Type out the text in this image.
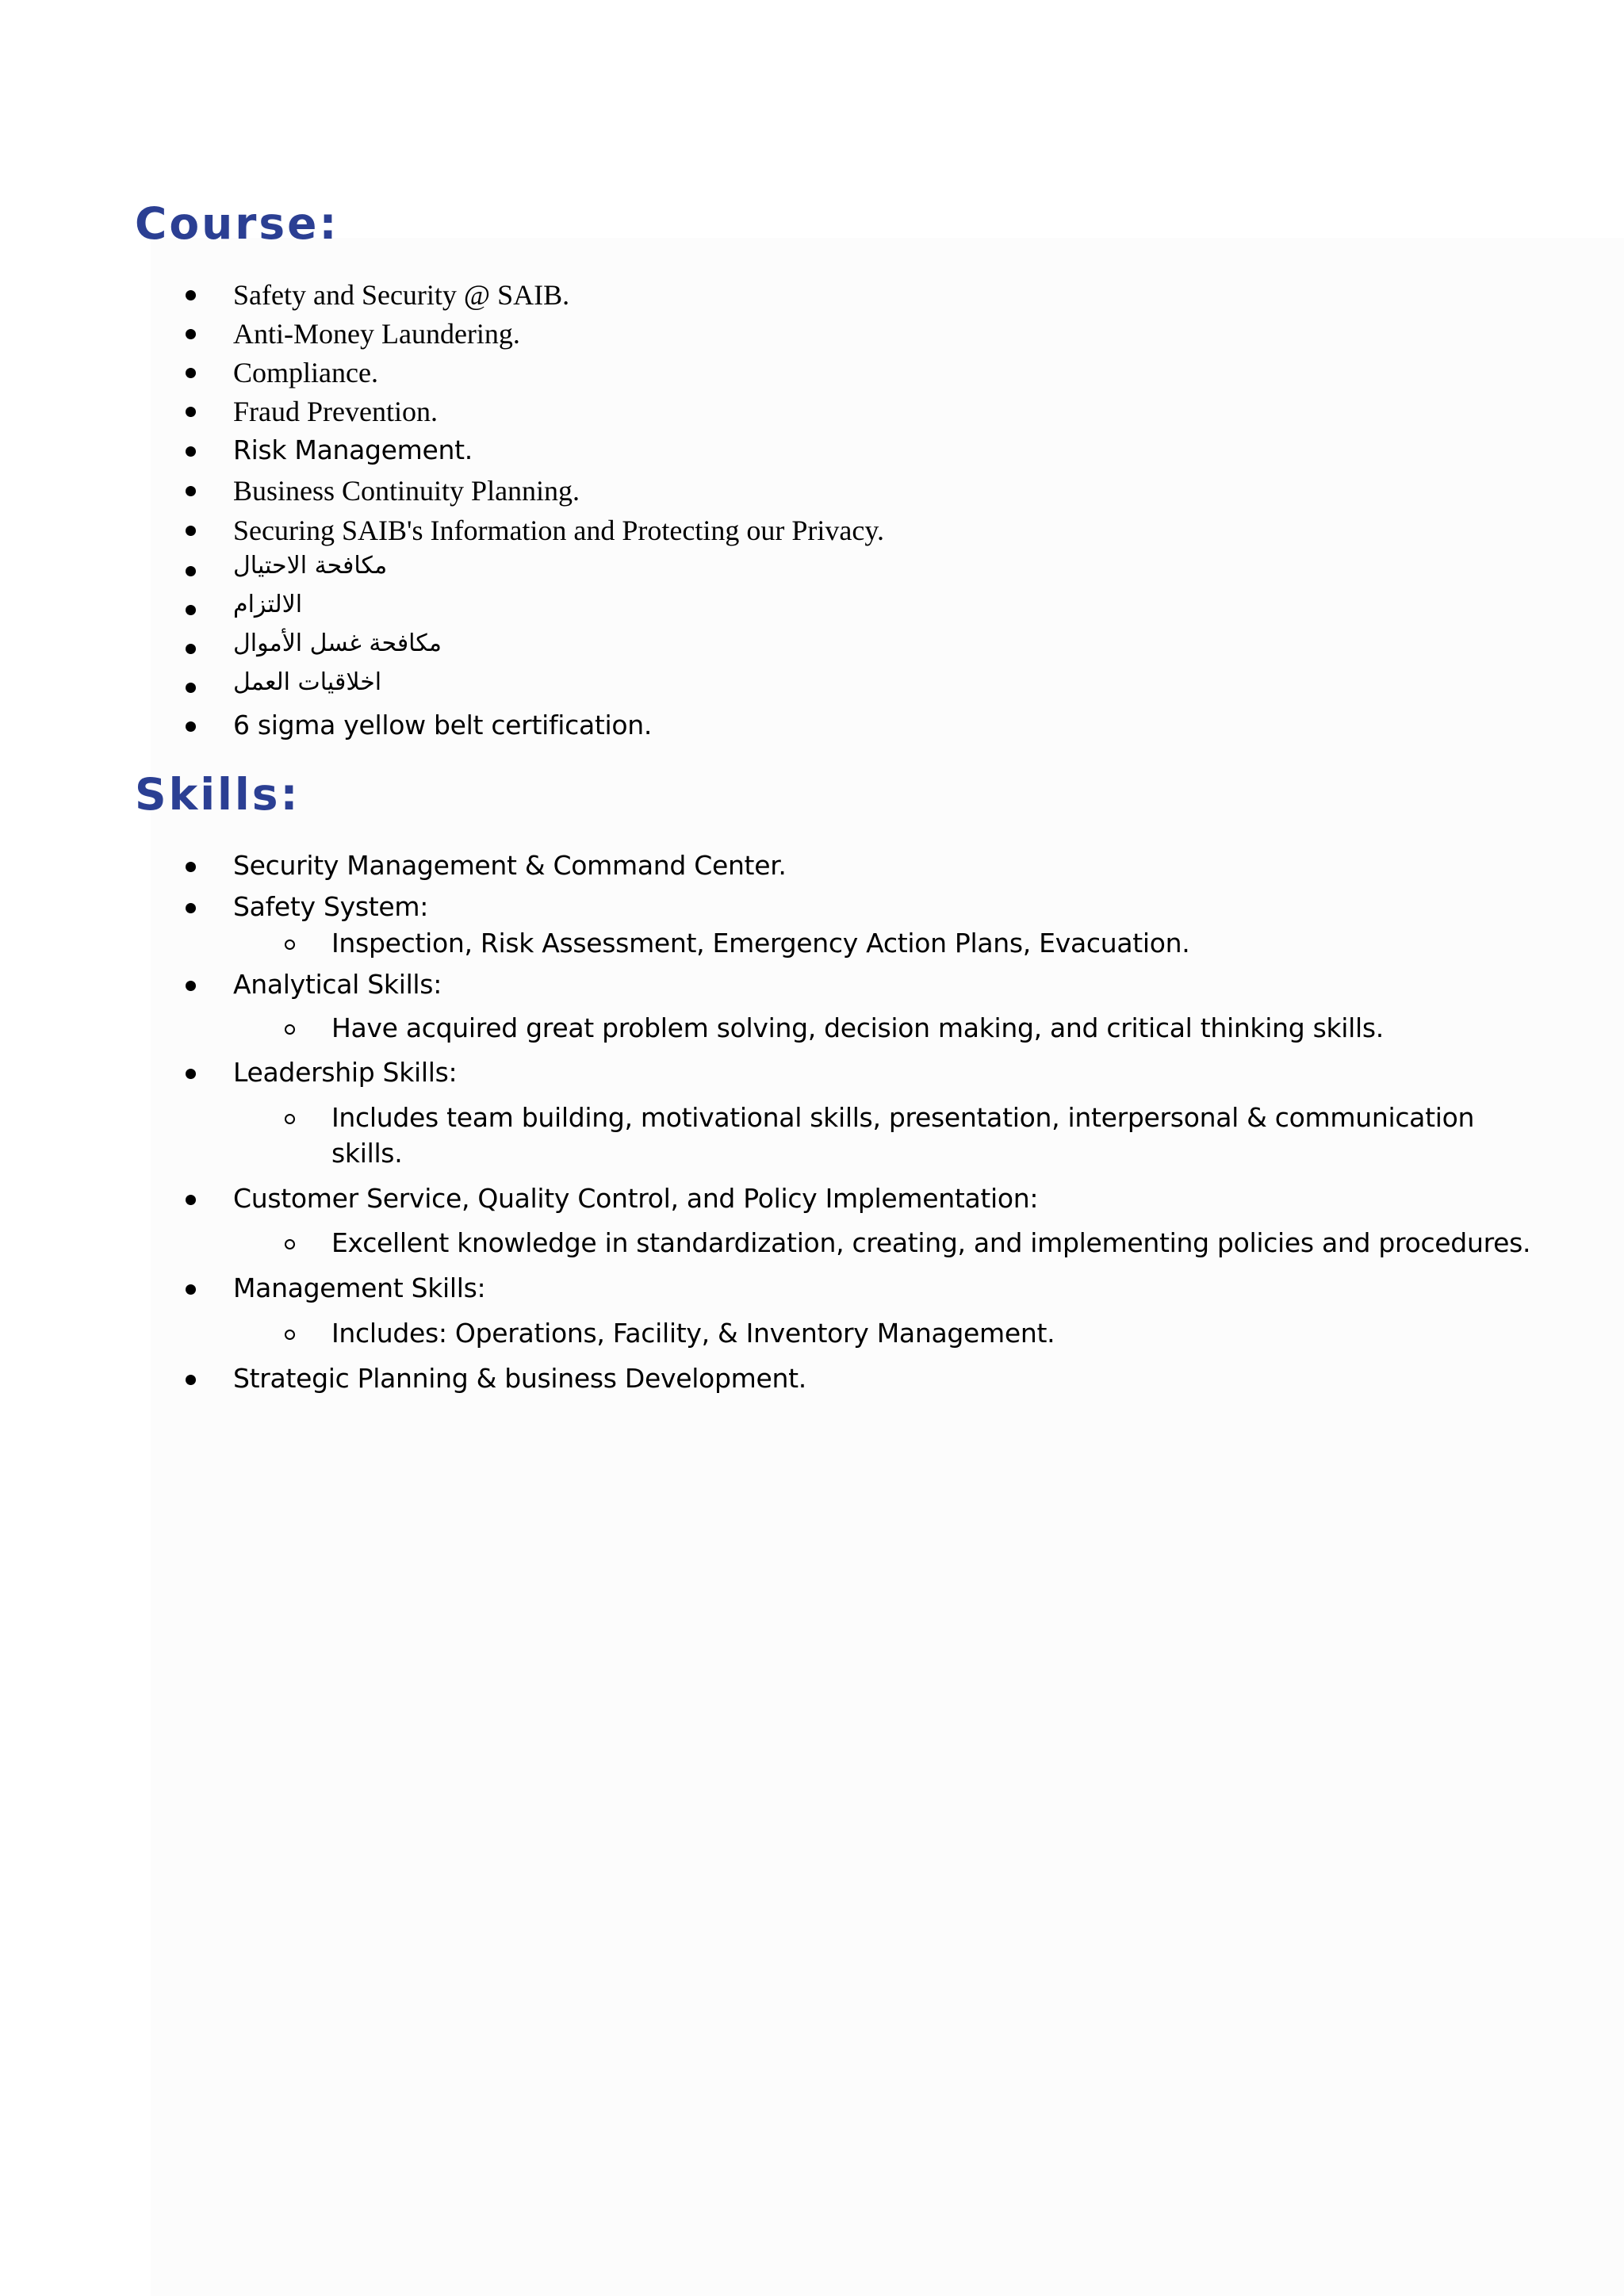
Course:
Safety and Security @ SAIB.
Anti-Money Laundering.
Compliance.
Fraud Prevention.
Risk Management.
Business Continuity Planning.
Securing SAIB's Information and Protecting our Privacy.
مكافحة الاحتيال
الالتزام
مكافحة غسل الأموال
اخلاقيات العمل
6 sigma yellow belt certification.
Skills:
Security Management & Command Center.
Safety System:
Inspection, Risk Assessment, Emergency Action Plans, Evacuation.
Analytical Skills:
Have acquired great problem solving, decision making, and critical thinking skills.
Leadership Skills:
Includes team building, motivational skills, presentation, interpersonal & communication
skills.
Customer Service, Quality Control, and Policy Implementation:
Excellent knowledge in standardization, creating, and implementing policies and procedures.
Management Skills:
Includes: Operations, Facility, & Inventory Management.
Strategic Planning & business Development.
